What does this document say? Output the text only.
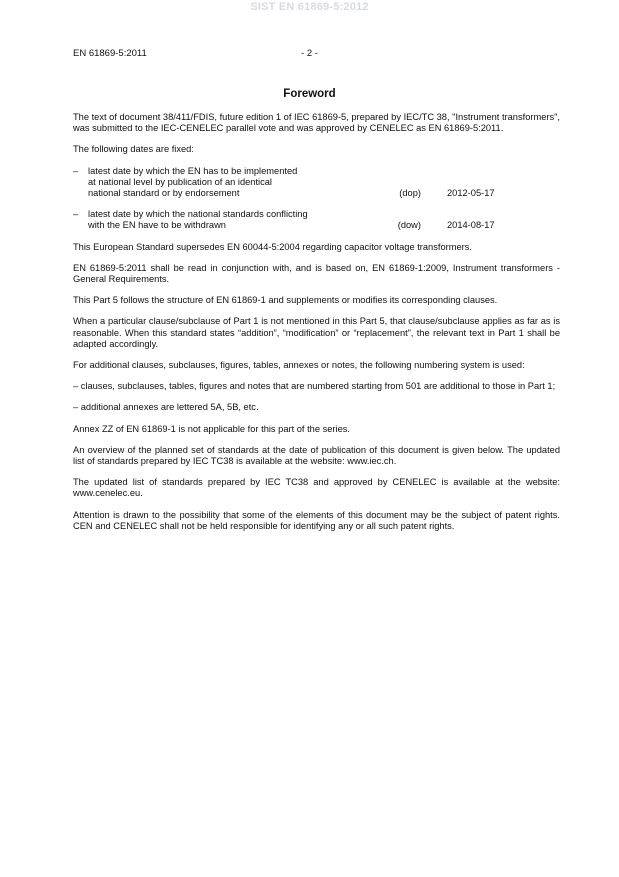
SIST EN 61869-5:2012
EN 61869-5:2011	- 2 -
Foreword

The text of document 38/411/FDIS, future edition 1 of IEC 61869-5, prepared by IEC/TC 38, "Instrument transformers", was submitted to the IEC-CENELEC parallel vote and was approved by CENELEC as EN 61869-5:2011.

The following dates are fixed:

– latest date by which the EN has to be implemented
at national level by publication of an identical
national standard or by endorsement	(dop)	2012-05-17
– latest date by which the national standards conflicting
with the EN have to be withdrawn	(dow)	2014-08-17

This European Standard supersedes EN 60044-5:2004 regarding capacitor voltage transformers.

EN 61869-5:2011 shall be read in conjunction with, and is based on, EN 61869-1:2009, Instrument transformers - General Requirements.

This Part 5 follows the structure of EN 61869-1 and supplements or modifies its corresponding clauses.

When a particular clause/subclause of Part 1 is not mentioned in this Part 5, that clause/subclause applies as far as is reasonable. When this standard states “addition”, “modification” or “replacement”, the relevant text in Part 1 shall be adapted accordingly.

For additional clauses, subclauses, figures, tables, annexes or notes, the following numbering system is used:

– clauses, subclauses, tables, figures and notes that are numbered starting from 501 are additional to those in Part 1;

– additional annexes are lettered 5A, 5B, etc.

Annex ZZ of EN 61869-1 is not applicable for this part of the series.

An overview of the planned set of standards at the date of publication of this document is given below. The updated list of standards prepared by IEC TC38 is available at the website: www.iec.ch.

The updated list of standards prepared by IEC TC38 and approved by CENELEC is available at the website: www.cenelec.eu.

Attention is drawn to the possibility that some of the elements of this document may be the subject of patent rights. CEN and CENELEC shall not be held responsible for identifying any or all such patent rights.
